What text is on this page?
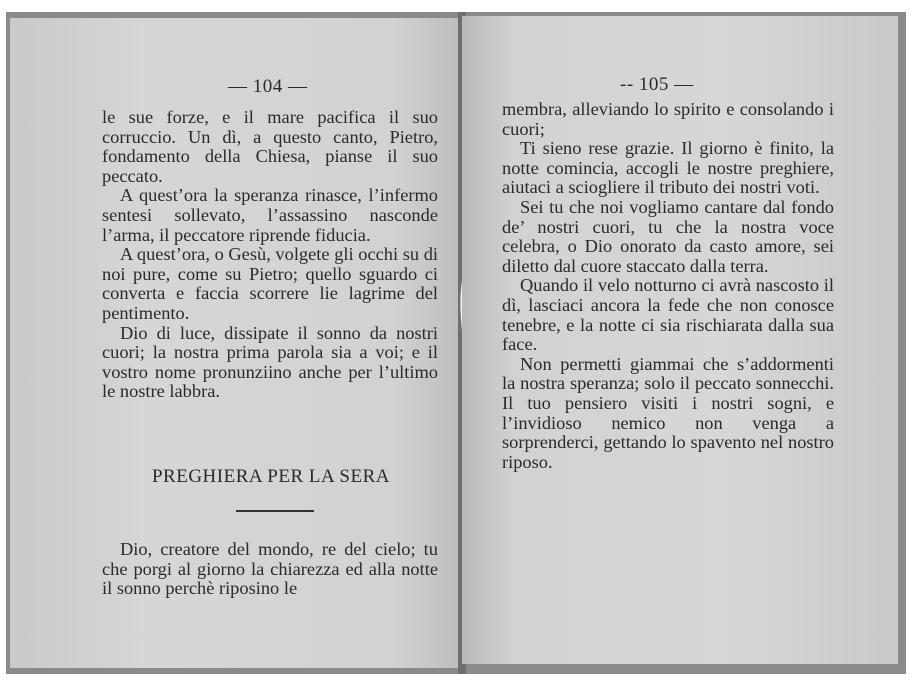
— 104 —

le sue forze, e il mare pacifica il suo corruccio. Un dì, a questo canto, Pietro, fondamento della Chiesa, pianse il suo peccato.

A quest’ora la speranza rinasce, l’infermo sentesi sollevato, l’assassino nasconde l’arma, il peccatore riprende fiducia.

A quest’ora, o Gesù, volgete gli occhi su di noi pure, come su Pietro; quello sguardo ci converta e faccia scorrere lie lagrime del pentimento.

Dio di luce, dissipate il sonno da nostri cuori; la nostra prima parola sia a voi; e il vostro nome pronunziino anche per l’ultimo le nostre labbra.

PREGHIERA PER LA SERA

Dio, creatore del mondo, re del cielo; tu che porgi al giorno la chiarezza ed alla notte il sonno perchè riposino le

-- 105 —

membra, alleviando lo spirito e consolando i cuori;

Ti sieno rese grazie. Il giorno è finito, la notte comincia, accogli le nostre preghiere, aiutaci a sciogliere il tributo dei nostri voti.

Sei tu che noi vogliamo cantare dal fondo de’ nostri cuori, tu che la nostra voce celebra, o Dio onorato da casto amore, sei diletto dal cuore staccato dalla terra.

Quando il velo notturno ci avrà nascosto il dì, lasciaci ancora la fede che non conosce tenebre, e la notte ci sia rischiarata dalla sua face.

Non permetti giammai che s’addormenti la nostra speranza; solo il peccato sonnecchi. Il tuo pensiero visiti i nostri sogni, e l’invidioso nemico non venga a sorprenderci, gettando lo spavento nel nostro riposo.
